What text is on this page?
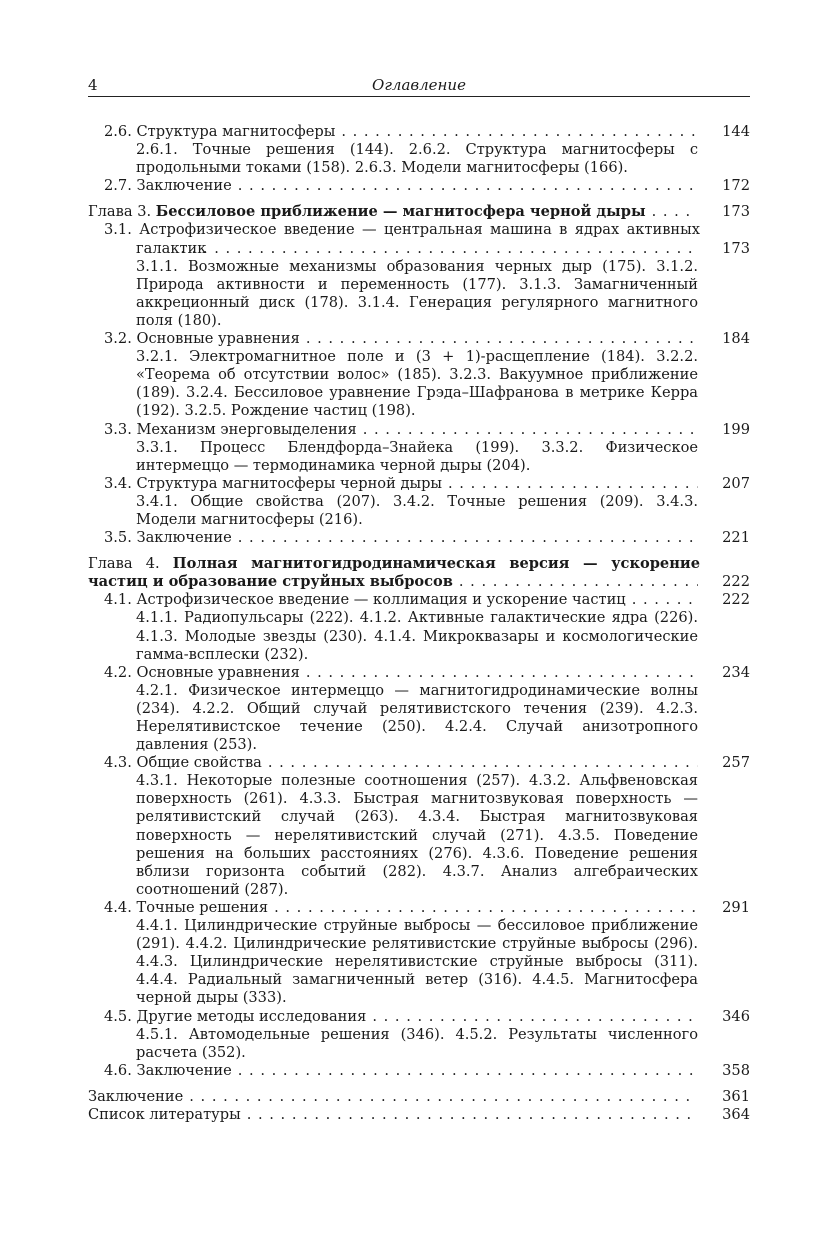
4	Оглавление
2.6. Структура магнитосферы . . .	144
2.6.1. Точные решения (144). 2.6.2. Структура магнитосферы с продольными токами (158). 2.6.3. Модели магнитосферы (166).
2.7. Заключение . . .	172
Глава 3. Бессиловое приближение — магнитосфера черной дыры . . .	173
3.1. Астрофизическое введение — центральная машина в ядрах активных галактик . . .	173
3.1.1. Возможные механизмы образования черных дыр (175). 3.1.2. Природа активности и переменность (177). 3.1.3. Замагниченный аккреционный диск (178). 3.1.4. Генерация регулярного магнитного поля (180).
3.2. Основные уравнения . . .	184
3.2.1. Электромагнитное поле и (3 + 1)-расщепление (184). 3.2.2. «Теорема об отсутствии волос» (185). 3.2.3. Вакуумное приближение (189). 3.2.4. Бессиловое уравнение Грэда–Шафранова в метрике Керра (192). 3.2.5. Рождение частиц (198).
3.3. Механизм энерговыделения . . .	199
3.3.1. Процесс Блендфорда–Знайека (199). 3.3.2. Физическое интермеццо — термодинамика черной дыры (204).
3.4. Структура магнитосферы черной дыры . . .	207
3.4.1. Общие свойства (207). 3.4.2. Точные решения (209). 3.4.3. Модели магнитосферы (216).
3.5. Заключение . . .	221
Глава 4. Полная магнитогидродинамическая версия — ускорение частиц и образование струйных выбросов . . .	222
4.1. Астрофизическое введение — коллимация и ускорение частиц . . .	222
4.1.1. Радиопульсары (222). 4.1.2. Активные галактические ядра (226). 4.1.3. Молодые звезды (230). 4.1.4. Микроквазары и космологические гамма-всплески (232).
4.2. Основные уравнения . . .	234
4.2.1. Физическое интермеццо — магнитогидродинамические волны (234). 4.2.2. Общий случай релятивистского течения (239). 4.2.3. Нерелятивистское течение (250). 4.2.4. Случай анизотропного давления (253).
4.3. Общие свойства . . .	257
4.3.1. Некоторые полезные соотношения (257). 4.3.2. Альфвеновская поверхность (261). 4.3.3. Быстрая магнитозвуковая поверхность — релятивистский случай (263). 4.3.4. Быстрая магнитозвуковая поверхность — нерелятивистский случай (271). 4.3.5. Поведение решения на больших расстояниях (276). 4.3.6. Поведение решения вблизи горизонта событий (282). 4.3.7. Анализ алгебраических соотношений (287).
4.4. Точные решения . . .	291
4.4.1. Цилиндрические струйные выбросы — бессиловое приближение (291). 4.4.2. Цилиндрические релятивистские струйные выбросы (296). 4.4.3. Цилиндрические нерелятивистские струйные выбросы (311). 4.4.4. Радиальный замагниченный ветер (316). 4.4.5. Магнитосфера черной дыры (333).
4.5. Другие методы исследования . . .	346
4.5.1. Автомодельные решения (346). 4.5.2. Результаты численного расчета (352).
4.6. Заключение . . .	358
Заключение . . .	361
Список литературы . . .	364
